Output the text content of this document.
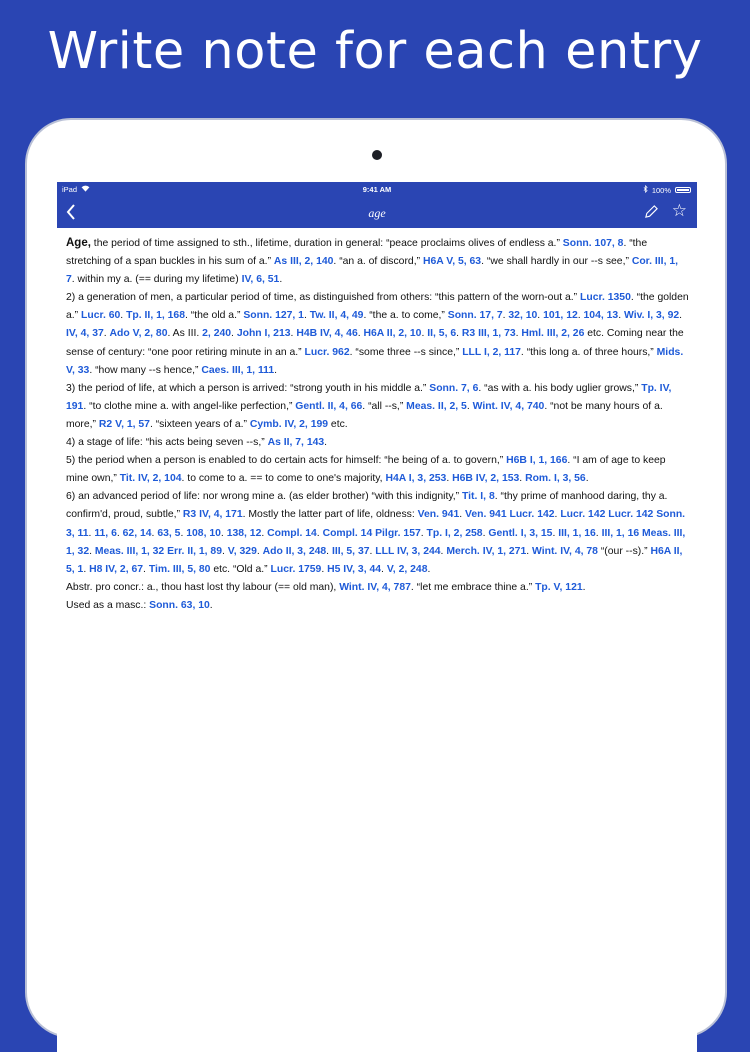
Write note for each entry
iPad	9:41 AM	100%
age	☆

Age, the period of time assigned to sth., lifetime, duration in general: “peace proclaims olives of endless a.” Sonn. 107, 8. “the stretching of a span buckles in his sum of a.” As III, 2, 140. “an a. of discord,” H6A V, 5, 63. “we shall hardly in our --s see,” Cor. III, 1, 7. within my a. (== during my lifetime) IV, 6, 51.

2) a generation of men, a particular period of time, as distinguished from others: “this pattern of the worn-out a.” Lucr. 1350. “the golden a.” Lucr. 60. Tp. II, 1, 168. “the old a.” Sonn. 127, 1. Tw. II, 4, 49. “the a. to come,” Sonn. 17, 7. 32, 10. 101, 12. 104, 13. Wiv. I, 3, 92. IV, 4, 37. Ado V, 2, 80. As III. 2, 240. John I, 213. H4B IV, 4, 46. H6A II, 2, 10. II, 5, 6. R3 III, 1, 73. Hml. III, 2, 26 etc. Coming near the sense of century: “one poor retiring minute in an a.” Lucr. 962. “some three --s since,” LLL I, 2, 117. “this long a. of three hours,” Mids. V, 33. “how many --s hence,” Caes. III, 1, 111.

3) the period of life, at which a person is arrived: “strong youth in his middle a.” Sonn. 7, 6. “as with a. his body uglier grows,” Tp. IV, 191. “to clothe mine a. with angel-like perfection,” Gentl. II, 4, 66. “all --s,” Meas. II, 2, 5. Wint. IV, 4, 740. “not be many hours of a. more,” R2 V, 1, 57. “sixteen years of a.” Cymb. IV, 2, 199 etc.

4) a stage of life: “his acts being seven --s,” As II, 7, 143.

5) the period when a person is enabled to do certain acts for himself: “he being of a. to govern,” H6B I, 1, 166. “I am of age to keep mine own,” Tit. IV, 2, 104. to come to a. == to come to one's majority, H4A I, 3, 253. H6B IV, 2, 153. Rom. I, 3, 56.

6) an advanced period of life: nor wrong mine a. (as elder brother) “with this indignity,” Tit. I, 8. “thy prime of manhood daring, thy a. confirm'd, proud, subtle,” R3 IV, 4, 171. Mostly the latter part of life, oldness: Ven. 941. Ven. 941 Lucr. 142. Lucr. 142 Lucr. 142 Sonn. 3, 11. 11, 6. 62, 14. 63, 5. 108, 10. 138, 12. Compl. 14. Compl. 14 Pilgr. 157. Tp. I, 2, 258. Gentl. I, 3, 15. III, 1, 16. III, 1, 16 Meas. III, 1, 32. Meas. III, 1, 32 Err. II, 1, 89. V, 329. Ado II, 3, 248. III, 5, 37. LLL IV, 3, 244. Merch. IV, 1, 271. Wint. IV, 4, 78 “(our --s).” H6A II, 5, 1. H8 IV, 2, 67. Tim. III, 5, 80 etc. “Old a.” Lucr. 1759. H5 IV, 3, 44. V, 2, 248.

Abstr. pro concr.: a., thou hast lost thy labour (== old man), Wint. IV, 4, 787. “let me embrace thine a.” Tp. V, 121.

Used as a masc.: Sonn. 63, 10.
